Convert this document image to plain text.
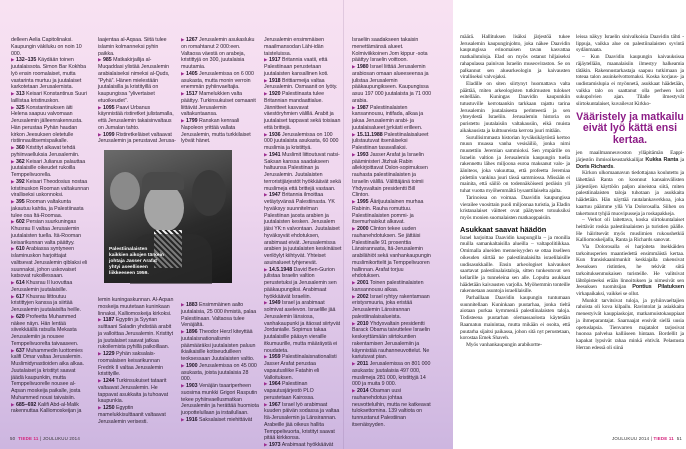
delleen Aelia Capitolinaksi. Kaupungin väkiluku on noin 10 000.

▶ 132–135 Käydään toinen juutalaissota. Simon Bar Kokhba lyö ensin roomalaiset, mutta vastarinta murtuu ja juutalaiset karkotetaan Jerusalemista.

▶ 313 Keisari Konstantinus Suuri laillistaa kristinuskon.

▶ 325 Konstantinuksen äiti Helena saapuu valvomaan Jerusalemin jälleenrakennusta. Hän perustaa Pyhän haudan kirkon Jeesuksen oletetulle ristiinnaulitsemispaikalle.

▶ 360 Kristityt alkavat tehdä pyhiinvaelluksia Jerusalemiin.

▶ 362 Keisari Julianus palauttaa juutalaisille oikeudet rukoilla Temppelivuorella.

▶ 392 Keisari Theodosius nostaa kristinuskon Rooman valtakunnan viralliseksi uskonnoksi.

▶ 395 Rooman valtakunta jakautuu kahtia, ja Palestiinasta tulee osa Itä-Roomaa.

▶ 602 Persian suurkuningas Khusrau II valtaa Jerusalemin juutalaisten tuella. Itä-Rooman keisarikunnan valta päättyy.

▶ 610 Arabiassa syntyneen islaminuskon harjoittajat valitsevat Jerusalemin qiblaksi eli suunnaksi, johon uskovaiset katsovat rukoillessaan.

▶ 614 Khusrau II luovuttaa Jerusalemin juutalaisille.

▶ 617 Khusrau liittoutuu kristittyjen kanssa ja siirtää Jerusalemin juutalaisilta heille.

▶ 620 Profeetta Muhammed näkee näyn. Hän lentää siivekkäällä ratsulla Mekasta Jerusalemiin ja nousee Temppelivuorelta taivaaseen.

▶ 637 Muhammedin luottomies kalifi Omar valtaa Jerusalemin. Muslimidynastioiden aika alkaa. Juutalaiset ja kristityt saavat jäädä kaupunkiin, mutta Temppelivuorelle nousee al-Aqsan moskeija paikalle, josta Muhammed nousi taivaisiin.

▶ 685–692 Kalifi Abd-al-Malik rakennuttaa Kalliomoskeijan ja

laajentaa al-Aqsaa. Siitä tulee islamin kolmanneksi pyhin paikka.

▶ 985 Matkakirjailija al-Muqaddasi ylistää Jerusalemin arabialaiseksi nimeksi al-Quds, ”Pyhä”. Hänen mielestään juutalaisilla ja kristityillä on kaupungissa ”ylivertaiset etuoikeudet”.

▶ 1095 Paavi Urbanus käynnistää ristiretket julistamalla, että Jerusalemin takaisinvaltaus on Jumalan tahto.

▶ 1099 Ristiretkeläiset valtaavat Jerusalemin ja perustavat Jerusa-

lemin kuningaskunnan. Al-Aqsan moskeija muutetaan kuninkaan linnaksi, Kalliomoskeija kirkoksi.

▶ 1187 Egyptin ja Syyrian sulttaani Saladin yhdistää arabit ja valloittaa Jerusalemin. Kristityt ja juutalaiset saavat jatkaa rukoilemista pyhillä paikoillaan.

▶ 1229 Pyhän saksalais-roomalaisen keisarikunnan Fredrik II valtaa Jerusalemin kristityille.

▶ 1244 Turkinsukuiset tataarit valtaavat Jerusalemin. He tappavat asukkaita ja tuhoavat kaupunkia.

▶ 1250 Egyptin mamelukkisulttaanit valtaavat Jerusalemin verisesti.

▶ 1267 Jerusalemin asukasluku on romahtanut 2 000:een. Valtaosa väestä on arabeja, kristittyjä on 300, juutalaisia muutamia.

▶ 1405 Jerusalemissa on 6 000 asukasta, mutta monin verroin enemmän pyhiinvaeltajia.

▶ 1517 Mamelukkien valta päättyy. Turkinsukuiset osmaanit liittävät Jerusalemin valtakuntaansa.

▶ 1799 Ranskan kenraali Napoleon yrittää vallata Jerusalemin, mutta turkkilaiset lyövät hänet.

▶ 1883 Ensimmäinen aalto juutalaisia, 25 000 ihmistä, palaa Palestiinaan. Valtaosa tulee Venäjältä.

▶ 1896 Theodor Herzl kiteyttää juutalaisnationalismin päämääräksi juutalaisten paluun ikiaikaisille kotiseuduilleen teoksessaan Juutalaisten valtio.

▶ 1900 Jerusalemissa on 45 000 asukasta, joista juutalaisia 28 000.

▶ 1903 Venäjän tsaariperheen suosima munkki Grigori Rasputin tekee pyhiinvaellusmatkan Jerusalemiin ja herättää huomiota juopottelullaan ja irstailullaan.

▶ 1916 Saksalaiset miehittävät

Jerusalemin ensimmäisen maailmansodan Lähi-idän taisteluissa.

▶ 1917 Britannia vaatii, että Palestiinaan perustetaan juutalaisten kansallinen koti.

▶ 1918 Brittiarmeija valtaa Jerusalemin. Osmaanit on lyöty.

▶ 1920 Palestiinasta tulee Britannian mandaattialue. Jännitteet kasvavat väestöryhmien välillä. Arabit ja juutalaiset tappavat sekä toisiaan että brittejä.

▶ 1936 Jerusalemissa on 100 000 juutalaista asukasta, 60 000 muslimia ja kristittyä.

▶ 1941 Muslimit liittoutuvat natsi-Saksan kanssa saadakseen haltuunsa Palestiinan ja Jerusalemin. Juutalaisten terroristijärjestöt hyökkäävät sekä muslimeja että brittejä vastaan.

▶ 1947 Britannia ilmoittaa vetäytyvänsä Palestiinasta. YK hyväksyy suunnitelman Palestiinan jaosta arabien ja juutalaisten kesken. Jerusalem jäisi YK:n valvontaan. Juutalaiset hyväksyvät ehdotuksen, arabimaat eivät. Jerusalemissa arabien ja juutalaisten keskinäiset verilöylyt kiihtyvät. Yhteiset asuinalueet tyhjenevät.

▶ 14.5.1948 David Ben-Gurion julistaa Israelin valtion perustetuksi ja Jerusalemin sen pääkaupungiksi. Arabimaat hyökkäävät Israeliin.

▶ 1949 Israel ja arabimaat solmivat aselevon. Israelille jää Jerusalemin länsiosa, vanhakaupunki ja itäosat siirtyvät Jordanialle. Sopimus takaa juutalaisille pääsyn vieraille itkumuurille, mutta määräystä ei noudateta.

▶ 1959 Palestiinalaisnationalisti Jasser Arafat perustaa vapautusliike Fatahin eli Valloituksen.

▶ 1964 Palestiinan vapautusjärjestö PLO perustetaan Kairossa.

▶ 1967 Israel lyö arabimaat kuuden päivän sodassa ja valtaa Itä-Jerusalemin ja Länsirannan. Arabeille jää oikeus hallita Temppelivuorta, kristityt saavat pitää kirkkonsa.

▶ 1973 Arabimaat hyökkäävät

Israeliin saadakseen takaisin menettämänsä alueet. Kolmiviikkoinen Jom kippur -sota päättyy Israelin voittoon.

▶ 1980 Israel liittää Jerusalemin arabiosan omaan alueeseensa ja julistaa Jerusalemin pääkaupungikseen. Kaupungissa asuu 197 000 juutalaista ja 71 000 arabia.

▶ 1987 Palestiinalaisten kansannousu, intifada, alkaa ja jakaa Jerusalemin arabi- ja juutalaisalueet jyrkästi erilleen.

▶ 15.11.1988 Palestiinalaisalueet julistautuvat itsenäiseksi Palestiinan tasavallaksi.

▶ 1993 Jasser Arafat ja Israelin pääministeri Jitzhak Rabin allekirjoittavat Oslon-sopimuksen rauhasta palestiinalaisten ja Israelin välillä. Välittäjänä toimii Yhdysvaltain presidentti Bill Clinton.

▶ 1995 Äärijuutalainen murhaa Rabinin. Rauha romuttuu. Palestiinalaisten pommi- ja itsemurhaiskut alkavat.

▶ 2000 Clinton tekee uuden rauhanehdotuksen. Se jättäisi Palestiinalle 91 prosenttia Länsirannasta, Itä-Jerusalemin arabilähiöt sekä vanhankaupungin muslimikorttelit ja Temppelivuoren hallinnan. Arafat torjuu ehdotuksen.

▶ 2001 Toinen palestiinalaisten kansannousu alkaa.

▶ 2002 Israel ryhtyy rakentamaan eristysmuuria, joka eristää Jerusalemin Länsirannan palestiinalaisalueista.

▶ 2010 Yhdysvaltain presidentti Barack Obama taivuttelee Israelin keskeyttämään siirtokuntien rakentamisen Jerusalemiin ja käynnistää rauhanneuvottelut. Ne kariutuvat pian.

▶ 2011 Jerusalemissa on 801 000 asukasta: juutalaisia 497 000, muslimeja 281 000, kristittyjä 14 000 ja muita 9 000.

▶ 2014 Obaman uusi rauhanehdotus johtaa neuvotteluihin, mutta ne katkeavat tuloksettomina. 139 valtiota on tunnustanut Palestiinan itsenäisyyden.

Palestiinalaisten kaikkien aikojen tärkein johtaja Jasser Arafat yhtyi aseelliseen liikkeeseen 1959.

määrä. Hallituksen lisäksi järjestöä tukee Jerusalemin kaupunginjohto, joka näkee Daavidin kaupungissa erinomaisen tavan kasvattaa matkailutuloja. Elad on myös ostanut hiljaiseksi rahapulassa painivan Israelin museoviraston. Se on palkannut sen aluearkeologin ja kaivausten viralliseksi valvojaksi.

Eladille on siten siirtynyt huomattava valta päättää, miten arkeologisten tutkimusten tulokset esitellään. Kuningas Daavidin kaupunkiin tutustuville kerrotaankin tarkkaan rajattu tarina Jerusalemin juutalaisesta perinteestä ja sen yhteydestä Israeliin. Jerusalemin historia on puristettu juutalaisiin valtakausiin, eikä muista aikakausista ja kulttuureista kerrota juuri mitään.

Surullisimmasta historian hyväksikäytöstä kertoo muun muassa vanha vesisäiliö, jonka nimi muutettiin Jeremian sammioksi. Sen ympärille on Israelin valtion ja Jerusalemin kaupungin tuella rakennettu lähes miljoona euroa maksanut valo- ja ääniteos, joka vakuuttaa, että profeetta Jeremiaa pidettiin vankina juuri tässä sammiossa. Missään ei mainita, että säiliö on todennäköisesti peräisin yli tuhat vuotta myöhemmältä bysanttilaiselta ajalta.

Tarinoissa on voimaa. Daavidin kaupungissa vierailee vuosittain puoli miljoonaa turistia, ja Eladin kristanalaiset väitteet ovat päätyneet totuuksiksi myös monien suomalaisten matkaoppaisiin.

Asukkaat saavat häädön

Israel harjoittaa Daavidin kaupungilla – ja monilla muilla samankaltaisilla alueilla – valtapolitiikkaa. Omimalla alueiden menneisyyden se ottaa itselleen oikeuden siirtää ne palestiinalaisilta israelilaisille uudisasukkaille. Ensin arkeologiset kaivaukset saartavat palestiinalaistaloja, sitten tunkeutuvat sen kellarille ja tunneleina sen alle. Lopulta asukkaat häädetään kaivausten varjolla. Myöhemmin tonteille rakennetaan asuntoja israelilaisille.

Parhaillaan Daavidin kaupungin tuntumaan suunnitellaan Kuninkaan puutarhaa, jonka tieltä aiotaan purkaa kymmeniä palestiinalaisten taloja. Todisteena puutarhan olemassaolosta käytetään Raamatun mainintaa, mutta mikään ei osoita, että puutarha sijaitsi paikassa, johon sitä nyt perustetaan, korostaa Emek Shaveh.

Myös vanhankaupungin arabikortte-

leissa näkyy Israelin sinivalkoisia Daavidin tähti -lippuja, vaikka alue on palestiinalaisten syvintä sydänmaata.

– Kun Daavidin kaupungin kaivauksissa räjäytellään, maanalaisiin ilmestyy halkeamia tätäkin. Rakennustarkastaja saapuu tutkimaan ja toteaa talon asuinkelvottomaksi. Koska korjaus- ja uudistamislupia ei myönnetä, asukkaat häädetään, vaikka talo on saattanut olla perheen koti sukupolvien ajan. Tilalle ilmestyvät siirtokuntalaiset, kuvailevat Kirkko-

Vääristely ja matkailu eivät lyö kättä ensi kertaa.

jen maailmanneuvoston ylläpitämän Eappi-järjestön ihmisoikeustarkkailijat Kukka Ranta ja Doris Richards.

Kirkon ulkomaanavun tiedottajana koulutettu ja lähettänä Ranta on koonnut kansainvälisten järjestöjen käyttöön paljon aineistoa siitä, miten palestiinalaisten taloja tuhotaan ja asukkaita häädetään. Hän näyttää rautalankaverkkoa, joka kaartuu päämme yllä Via Dolorosalla. Siihen on takertunut tyhjiä muovipusseja ja roskapakkeja.

– Verkot oli laitettava, koska siirtokuntalaiset heittävät roskia palestiinalaisten ja turistien päälle. He häiritsevät myös muslimien rukoushetkiä Kalliomoskeijalla, Ranta ja Richards sanovat.

Via Dolorosalla ei harjoiteta itsekkäiden tarkoitusperien maantiedettä ensimmäistä kertaa. Kun fransiskaanimunkit keskiajalla rakensivat Jeesuksen ristintien, he tekivät siitä tarkoituksenmukaisen turisteille. He valitsivat lähtöpisteeksi erään linnoituksen ja nimesivät sen Jeesuksen tuomitsijan Pontius Pilatuksen virkapaikaksi, vaikkei se ollut.

Munkit tarvitsivat tuloja, ja pyhiinvaeltajien rahoista oli kova kilpailu. Ravintolat ja asiakkaita menestyivät kauppiaskojat, matkamuistokauppiaat ja ihmeparantajat. Saarnaajat ensivät siellä uusia opetuslapsia. Tienvarren majatalot tarjosivat huonoa palvelua kalliiseen hintaan. Bordellit ja kapakat lypsivät rahaa minkä ehtivät. Pelastusta Herran edessä oli siinä

50 TIEDE 11 | JOULUKUU 2014	JOULUKUU 2014 | TIEDE 11 51
